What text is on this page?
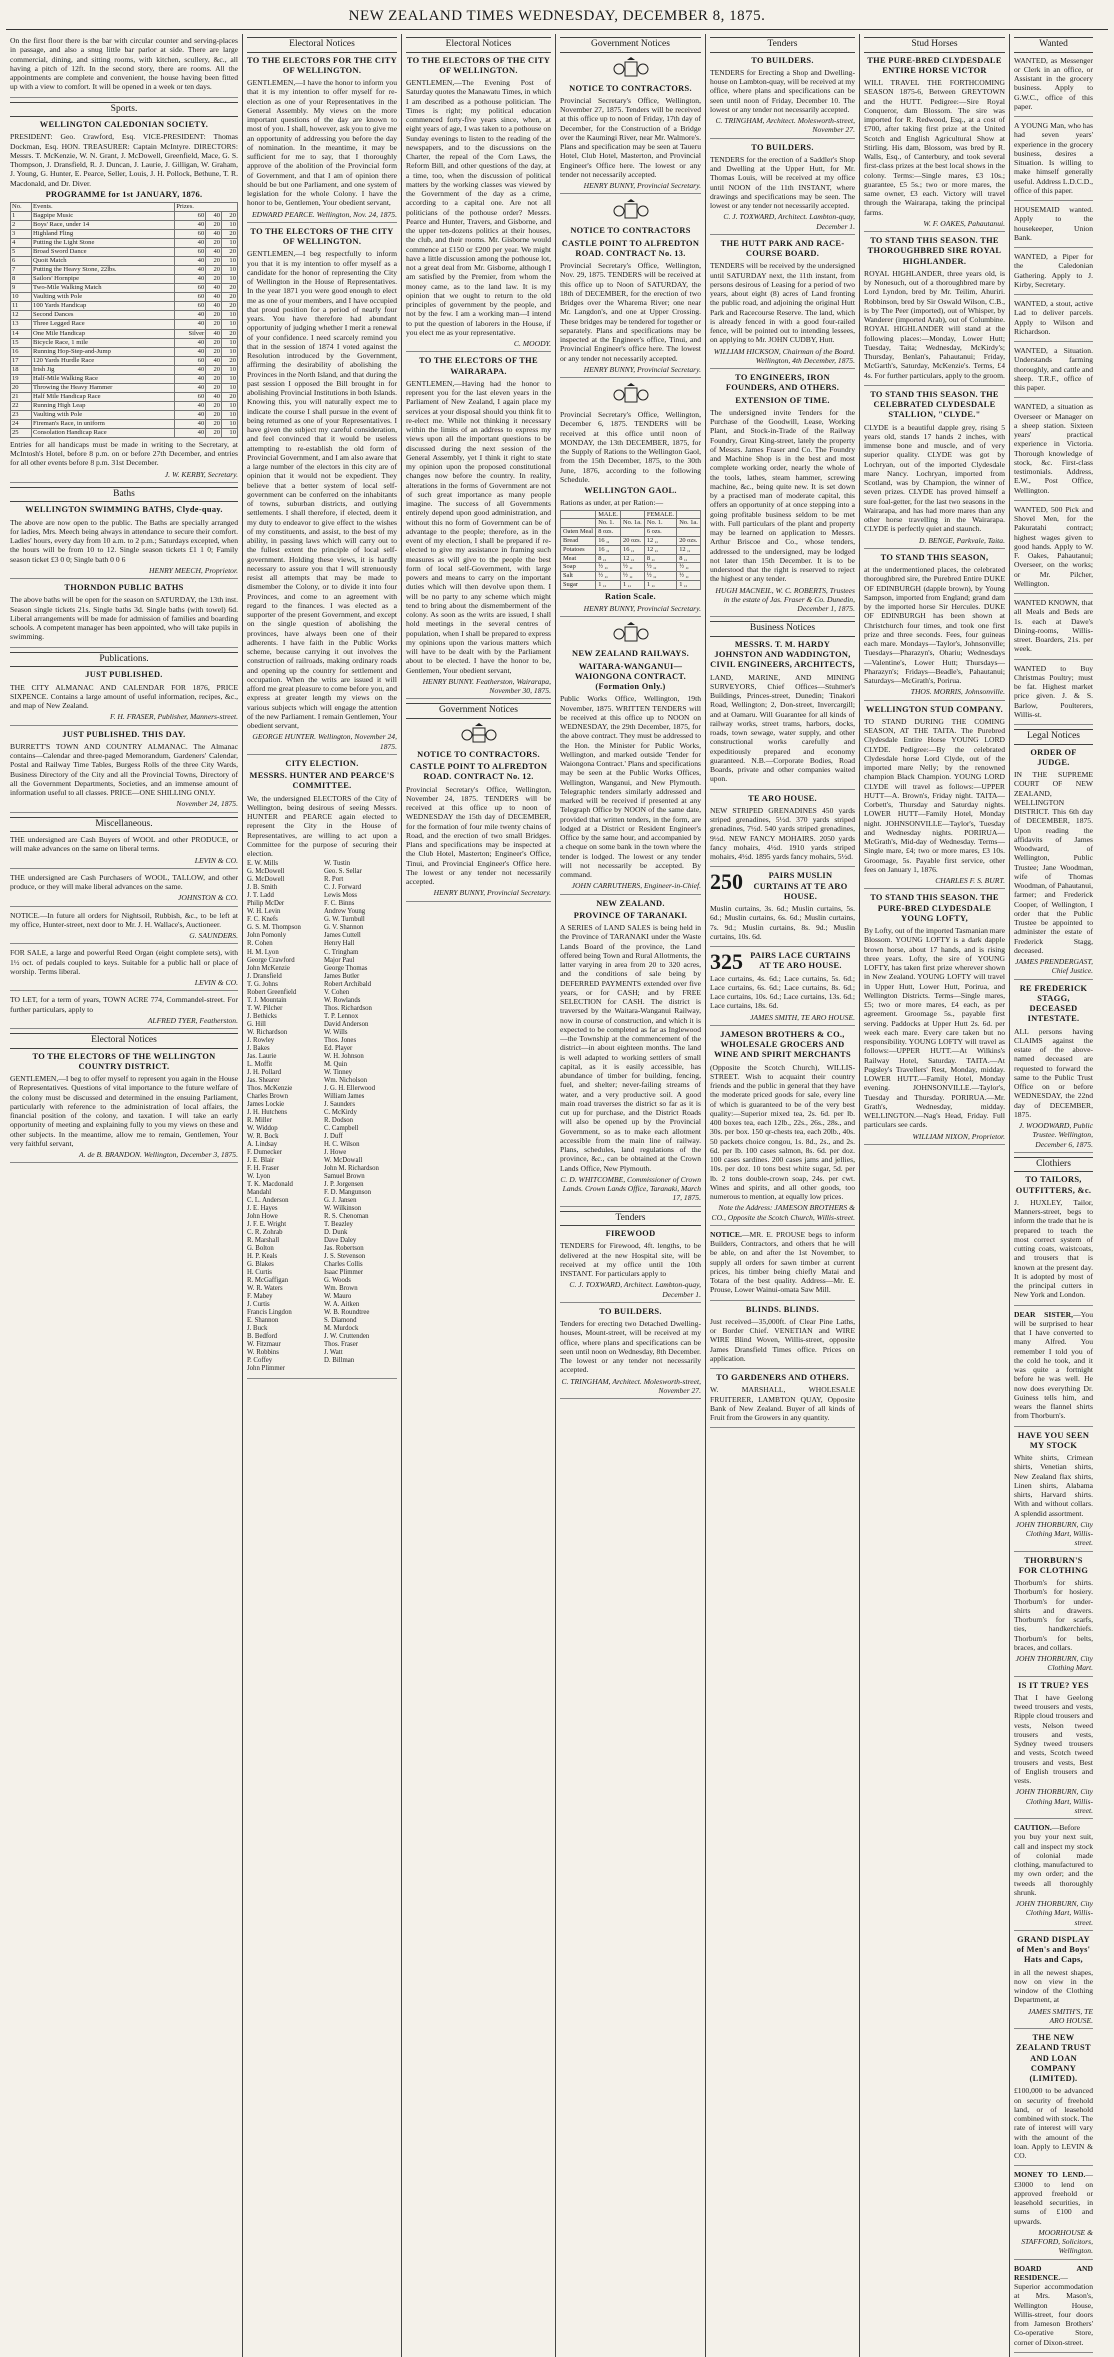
NEW ZEALAND TIMES WEDNESDAY, DECEMBER 8, 1875.

On the first floor there is the bar with circular counter and serving-places in passage, and also a snug little bar parlor at side. There are large commercial, dining, and sitting rooms, with kitchen, scullery, &c., all having a pitch of 12ft. In the second story, there are rooms. All the appointments are complete and convenient, the house having been fitted up with a view to comfort. It will be opened in a week or ten days.

Sports.
WELLINGTON CALEDONIAN SOCIETY.

PRESIDENT: Geo. Crawford, Esq. VICE-PRESIDENT: Thomas Dockman, Esq. HON. TREASURER: Captain McIntyre. DIRECTORS: Messrs. T. McKenzie, W. N. Grant, J. McDowell, Greenfield, Mace, G. S. Thompson, J. Dransfield, R. J. Duncan, J. Laurie, J. Gilligan, W. Graham, J. Young, G. Hunter, E. Pearce, Seller, Louis, J. H. Pollock, Bethune, T. R. Macdonald, and Dr. Diver.

PROGRAMME for 1st JANUARY, 1876.
No.	Events.	Prizes.		
1	Bagpipe Music	60	40	20
2	Boys' Race, under 14	40	20	10
3	Highland Fling	60	40	20
4	Putting the Light Stone	40	20	10
5	Broad Sword Dance	60	40	20
6	Quoit Match	40	20	10
7	Putting the Heavy Stone, 22lbs.	40	20	10
8	Sailors' Hornpipe	40	20	10
9	Two-Mile Walking Match	60	40	20
10	Vaulting with Pole	60	40	20
11	100 Yards Handicap	60	40	20
12	Second Dances	40	20	10
13	Three Legged Race	40	20	10
14	One Mile Handicap	Silver	40	20
15	Bicycle Race, 1 mile	40	20	10
16	Running Hop-Step-and-Jump	40	20	10
17	120 Yards Hurdle Race	60	40	20
18	Irish Jig	40	20	10
19	Half-Mile Walking Race	40	20	10
20	Throwing the Heavy Hammer	40	20	10
21	Half Mile Handicap Race	60	40	20
22	Running High Leap	40	20	10
23	Vaulting with Pole	40	20	10
24	Fireman's Race, in uniform	40	20	10
25	Consolation Handicap Race	40	20	10

Entries for all handicaps must be made in writing to the Secretary, at McIntosh's Hotel, before 8 p.m. on or before 27th December, and entries for all other events before 8 p.m. 31st December.

J. W. KERBY, Secretary.
Baths
WELLINGTON SWIMMING BATHS, Clyde-quay.

The above are now open to the public. The Baths are specially arranged for ladies, Mrs. Meech being always in attendance to secure their comfort. Ladies' hours, every day from 10 a.m. to 2 p.m.; Saturdays excepted, when the hours will be from 10 to 12. Single season tickets £1 1 0; Family season ticket £3 0 0; Single bath 0 0 6

HENRY MEECH, Proprietor.
THORNDON PUBLIC BATHS

The above baths will be open for the season on SATURDAY, the 13th inst. Season single tickets 21s. Single baths 3d. Single baths (with towel) 6d. Liberal arrangements will be made for admission of families and boarding schools. A competent manager has been appointed, who will take pupils in swimming.

Publications.
JUST PUBLISHED.

THE CITY ALMANAC AND CALENDAR FOR 1876, PRICE SIXPENCE. Contains a large amount of useful information, recipes, &c., and map of New Zealand.

F. H. FRASER, Publisher, Manners-street.
JUST PUBLISHED. THIS DAY.

BURRETT'S TOWN AND COUNTRY ALMANAC. The Almanac contains—Calendar and three-paged Memorandum, Gardeners' Calendar, Postal and Railway Time Tables, Burgess Rolls of the three City Wards, Business Directory of the City and all the Provincial Towns, Directory of all the Government Departments, Societies, and an immense amount of information useful to all classes. PRICE—ONE SHILLING ONLY.

November 24, 1875.
Miscellaneous.

THE undersigned are Cash Buyers of WOOL and other PRODUCE, or will make advances on the same on liberal terms.

LEVIN & CO.

THE undersigned are Cash Purchasers of WOOL, TALLOW, and other produce, or they will make liberal advances on the same.

JOHNSTON & CO.

NOTICE.—In future all orders for Nightsoil, Rubbish, &c., to be left at my office, Hunter-street, next door to Mr. J. H. Wallace's, Auctioneer.

G. SAUNDERS.

FOR SALE, a large and powerful Reed Organ (eight complete sets), with 1½ oct. of pedals coupled to keys. Suitable for a public hall or place of worship. Terms liberal.

LEVIN & CO.

TO LET, for a term of years, TOWN ACRE 774, Cornmandel-street. For further particulars, apply to

ALFRED TYER, Featherston.
Electoral Notices
TO THE ELECTORS OF THE WELLINGTON COUNTRY DISTRICT.

GENTLEMEN,—I beg to offer myself to represent you again in the House of Representatives. Questions of vital importance to the future welfare of the colony must be discussed and determined in the ensuing Parliament, particularly with reference to the administration of local affairs, the financial position of the colony, and taxation. I will take an early opportunity of meeting and explaining fully to you my views on these and other subjects. In the meantime, allow me to remain, Gentlemen, Your very faithful servant,

A. de B. BRANDON. Wellington, December 3, 1875.
Electoral Notices
TO THE ELECTORS FOR THE CITY OF WELLINGTON.

GENTLEMEN,—I have the honor to inform you that it is my intention to offer myself for re-election as one of your Representatives in the General Assembly. My views on the more important questions of the day are known to most of you. I shall, however, ask you to give me an opportunity of addressing you before the day of nomination. In the meantime, it may be sufficient for me to say, that I thoroughly approve of the abolition of the Provincial form of Government, and that I am of opinion there should be but one Parliament, and one system of legislation for the whole Colony. I have the honor to be, Gentlemen, Your obedient servant,

EDWARD PEARCE. Wellington, Nov. 24, 1875.
TO THE ELECTORS OF THE CITY OF WELLINGTON.

GENTLEMEN,—I beg respectfully to inform you that it is my intention to offer myself as a candidate for the honor of representing the City of Wellington in the House of Representatives. In the year 1871 you were good enough to elect me as one of your members, and I have occupied that proud position for a period of nearly four years. You have therefore had abundant opportunity of judging whether I merit a renewal of your confidence. I need scarcely remind you that in the session of 1874 I voted against the Resolution introduced by the Government, affirming the desirability of abolishing the Provinces in the North Island, and that during the past session I opposed the Bill brought in for abolishing Provincial Institutions in both Islands. Knowing this, you will naturally expect me to indicate the course I shall pursue in the event of being returned as one of your Representatives. I have given the subject my careful consideration, and feel convinced that it would be useless attempting to re-establish the old form of Provincial Government, and I am also aware that a large number of the electors in this city are of opinion that it would not be expedient. They believe that a better system of local self-government can be conferred on the inhabitants of towns, suburban districts, and outlying settlements. I shall therefore, if elected, deem it my duty to endeavor to give effect to the wishes of my constituents, and assist, to the best of my ability, in passing laws which will carry out to the fullest extent the principle of local self-government. Holding these views, it is hardly necessary to assure you that I will strenuously resist all attempts that may be made to dismember the Colony, or to divide it into four Provinces, and come to an agreement with regard to the finances. I was elected as a supporter of the present Government, and except on the single question of abolishing the provinces, have always been one of their adherents. I have faith in the Public Works scheme, because carrying it out involves the construction of railroads, making ordinary roads and opening up the country for settlement and occupation. When the writs are issued it will afford me great pleasure to come before you, and express at greater length my views on the various subjects which will engage the attention of the new Parliament. I remain Gentlemen, Your obedient servant,

GEORGE HUNTER. Wellington, November 24, 1875.
CITY ELECTION.
MESSRS. HUNTER AND PEARCE'S COMMITTEE.

We, the undersigned ELECTORS of the City of Wellington, being desirous of seeing Messrs. HUNTER and PEARCE again elected to represent the City in the House of Representatives, are willing to act upon a Committee for the purpose of securing their election.

E. W. Mills
G. McDowell
G. McDowell
J. B. Smith
J. T. Ladd
Philip McDer
W. H. Levin
F. C. Knefs
G. S. M. Thompson
John Pomonly
R. Cohen
H. M. Lyon
George Crawford
John McKenzie
J. Dransfield
T. G. Johns
Robert Greenfield
T. J. Mountain
T. W. Pilcher
J. Bethicks
G. Hill
W. Richardson
J. Rowley
J. Bakes
Jas. Laurie
L. Moffit
J. H. Pollard
Jas. Shearer
Thos. McKenzie
Charles Brown
James Lockie
J. H. Hutchens
R. Miller
W. Widdop
W. R. Bock
A. Lindsay
F. Dumecker
J. E. Blair
F. H. Fraser
W. Lyon
T. K. Macdonald
Mandahl
C. L. Anderson
J. E. Hayes
John Howe
J. F. E. Wright
C. R. Zohrab
R. Marshall
G. Bolton
H. P. Keals
G. Blakes
H. Curtis
R. McGaffigan
W. R. Waters
F. Mabey
J. Curtis
Francis Lingdon
E. Shannon
J. Buck
B. Bedford
W. Fitzmaur
W. Robbins
P. Coffey
John Plimmer
W. Tustin
Geo. S. Sellar
R. Port
C. J. Forward
Lewis Moss
F. C. Binns
Andrew Young
G. W. Turnbull
G. V. Shannon
James Cuttell
Henry Hall
C. Tringham
Major Paul
George Thomas
James Butler
Robert Archibald
V. Cohen
W. Rowlands
Thos. Richardson
T. P. Lennox
David Anderson
W. Wills
Thos. Jones
Ed. Player
W. H. Johnson
M. Quin
W. Tinney
Wm. Nicholson
J. G. H. Ellerwood
William James
J. Saunders
C. McKirdy
R. Dodson
C. Campbell
J. Duff
H. C. Wilson
J. Howe
W. McDowall
John M. Richardson
Samuel Brown
J. P. Jorgensen
F. D. Mangunson
G. J. Jansen
W. Wilkinson
R. S. Chenoman
T. Beazley
D. Dunk
Dave Daley
Jas. Robertson
J. S. Stevenson
Charles Collis
Isaac Plimmer
G. Woods
Wm. Brown
W. Mauro
W. A. Aitken
W. B. Roundtree
S. Diamond
M. Murdock
J. W. Cruttenden
Thos. Fraser
J. Watt
D. Billman
Electoral Notices
TO THE ELECTORS OF THE CITY OF WELLINGTON.

GENTLEMEN,—The Evening Post of Saturday quotes the Manawatu Times, in which I am described as a pothouse politician. The Times is right; my political education commenced forty-five years since, when, at eight years of age, I was taken to a pothouse on Sunday evenings to listen to the reading of the newspapers, and to the discussions on the Charter, the repeal of the Corn Laws, the Reform Bill, and other questions of the day, at a time, too, when the discussion of political matters by the working classes was viewed by the Government of the day as a crime, according to a capital one. Are not all politicians of the pothouse order? Messrs. Pearce and Hunter, Travers, and Gisborne, and the upper ten-dozens politics at their houses, the club, and their rooms. Mr. Gisborne would commence at £150 or £200 per year. We might have a little discussion among the pothouse lot, not a great deal from Mr. Gisborne, although I am satisfied by the Premier, from whom the money came, as to the land law. It is my opinion that we ought to return to the old principles of government by the people, and not by the few. I am a working man—I intend to put the question of laborers in the House, if you elect me as your representative.

C. MOODY.
TO THE ELECTORS OF THE WAIRARAPA.

GENTLEMEN,—Having had the honor to represent you for the last eleven years in the Parliament of New Zealand, I again place my services at your disposal should you think fit to re-elect me. While not thinking it necessary within the limits of an address to express my views upon all the important questions to be discussed during the next session of the General Assembly, yet I think it right to state my opinion upon the proposed constitutional changes now before the country. In reality, alterations in the forms of Government are not of such great importance as many people imagine. The success of all Governments entirely depend upon good administration, and without this no form of Government can be of advantage to the people; therefore, as in the event of my election, I shall be prepared if re-elected to give my assistance in framing such measures as will give to the people the best form of local self-Government, with large powers and means to carry on the important duties which will then devolve upon them. I will be no party to any scheme which might tend to bring about the dismemberment of the colony. As soon as the writs are issued, I shall hold meetings in the several centres of population, when I shall be prepared to express my opinions upon the various matters which will have to be dealt with by the Parliament about to be elected. I have the honor to be, Gentlemen, Your obedient servant,

HENRY BUNNY. Featherston, Wairarapa, November 30, 1875.
Government Notices
NOTICE TO CONTRACTORS.
CASTLE POINT TO ALFREDTON ROAD. CONTRACT No. 12.

Provincial Secretary's Office, Wellington, November 24, 1875. TENDERS will be received at this office up to noon of WEDNESDAY the 15th day of DECEMBER, for the formation of four mile twenty chains of Road, and the erection of two small Bridges. Plans and specifications may be inspected at the Club Hotel, Masterton; Engineer's Office, Tinui, and Provincial Engineer's Office here. The lowest or any tender not necessarily accepted.

HENRY BUNNY, Provincial Secretary.
Government Notices
NOTICE TO CONTRACTORS.

Provincial Secretary's Office, Wellington, November 27, 1875. Tenders will be received at this office up to noon of Friday, 17th day of December, for the Construction of a Bridge over the Kaumingi River, near Mr. Walmore's. Plans and specification may be seen at Taueru Hotel, Club Hotel, Masterton, and Provincial Engineer's Office here. The lowest or any tender not necessarily accepted.

HENRY BUNNY, Provincial Secretary.
NOTICE TO CONTRACTORS
CASTLE POINT TO ALFREDTON ROAD. CONTRACT No. 13.

Provincial Secretary's Office, Wellington, Nov. 29, 1875. TENDERS will be received at this office up to Noon of SATURDAY, the 18th of DECEMBER, for the erection of two Bridges over the Wharema River; one near Mr. Langdon's, and one at Upper Crossing. These bridges may be tendered for together or separately. Plans and specifications may be inspected at the Engineer's office, Tinui, and Provincial Engineer's office here. The lowest or any tender not necessarily accepted.

HENRY BUNNY, Provincial Secretary.

Provincial Secretary's Office, Wellington, December 6, 1875. TENDERS will be received at this office until noon of MONDAY, the 13th DECEMBER, 1875, for the Supply of Rations to the Wellington Gaol, from the 15th December, 1875, to the 30th June, 1876, according to the following Schedule.

WELLINGTON GAOL.

Rations as under, at per Ration:—

	MALE.		FEMALE.	
	No. 1.	No. 1a.	No. 1.	No. 1a.
Oaten Meal	8 ozs.		6 ozs.	
Bread	16 ,,	20 ozs.	12 ,,	20 ozs.
Potatoes	16 ,,	16 ,,	12 ,,	12 ,,
Meat	8 ,,	12 ,,	8 ,,	8 ,,
Soap	½ ,,	½ ,,	½ ,,	½ ,,
Salt	½ ,,	½ ,,	½ ,,	½ ,,
Sugar	1 ,,	1 ,,	1 ,,	1 ,,
Ration Scale.
HENRY BUNNY, Provincial Secretary.
NEW ZEALAND RAILWAYS.
WAITARA-WANGANUI—WAIONGONA CONTRACT. (Formation Only.)

Public Works Office, Wellington, 19th November, 1875. WRITTEN TENDERS will be received at this office up to NOON on WEDNESDAY, the 29th December, 1875, for the above contract. They must be addressed to the Hon. the Minister for Public Works, Wellington, and marked outside 'Tender for Waiongona Contract.' Plans and specifications may be seen at the Public Works Offices, Wellington, Wanganui, and New Plymouth. Telegraphic tenders similarly addressed and marked will be received if presented at any Telegraph Office by NOON of the same date, provided that written tenders, in the form, are lodged at a District or Resident Engineer's Office by the same hour, and accompanied by a cheque on some bank in the town where the tender is lodged. The lowest or any tender will not necessarily be accepted. By command.

JOHN CARRUTHERS, Engineer-in-Chief.
NEW ZEALAND.
PROVINCE OF TARANAKI.

A SERIES of LAND SALES is being held in the Province of TARANAKI under the Waste Lands Board of the province, the Land offered being Town and Rural Allotments, the latter varying in area from 20 to 320 acres, and the conditions of sale being by DEFERRED PAYMENTS extended over five years, or for CASH; and by FREE SELECTION for CASH. The district is traversed by the Waitara-Wanganui Railway, now in course of construction, and which it is expected to be completed as far as Inglewood—the Township at the commencement of the district—in about eighteen months. The land is well adapted to working settlers of small capital, as it is easily accessible, has abundance of timber for building, fencing, fuel, and shelter; never-failing streams of water, and a very productive soil. A good main road traverses the district so far as it is cut up for purchase, and the District Roads will also be opened up by the Provincial Government, so as to make each allotment accessible from the main line of railway. Plans, schedules, land regulations of the province, &c., can be obtained at the Crown Lands Office, New Plymouth.

C. D. WHITCOMBE, Commissioner of Crown Lands. Crown Lands Office, Taranaki, March 17, 1875.
Tenders
FIREWOOD

TENDERS for Firewood, 4ft. lengths, to be delivered at the new Hospital site, will be received at my office until the 10th INSTANT. For particulars apply to

C. J. TOXWARD, Architect. Lambton-quay, December 1.
TO BUILDERS.

Tenders for erecting two Detached Dwelling-houses, Mount-street, will be received at my office, where plans and specifications can be seen until noon on Wednesday, 8th December. The lowest or any tender not necessarily accepted.

C. TRINGHAM, Architect. Molesworth-street, November 27.
Tenders
TO BUILDERS.

TENDERS for Erecting a Shop and Dwelling-house on Lambton-quay, will be received at my office, where plans and specifications can be seen until noon of Friday, December 10. The lowest or any tender not necessarily accepted.

C. TRINGHAM, Architect. Molesworth-street, November 27.
TO BUILDERS.

TENDERS for the erection of a Saddler's Shop and Dwelling at the Upper Hutt, for Mr. Thomas Louis, will be received at my office until NOON of the 11th INSTANT, where drawings and specifications may be seen. The lowest or any tender not necessarily accepted.

C. J. TOXWARD, Architect. Lambton-quay, December 1.
THE HUTT PARK AND RACE-COURSE BOARD.

TENDERS will be received by the undersigned until SATURDAY next, the 11th instant, from persons desirous of Leasing for a period of two years, about eight (8) acres of Land fronting the public road, and adjoining the original Hutt Park and Racecourse Reserve. The land, which is already fenced in with a good four-railed fence, will be pointed out to intending lessees, on applying to Mr. JOHN CUDBY, Hutt.

WILLIAM HICKSON, Chairman of the Board. Wellington, 4th December, 1875.
TO ENGINEERS, IRON FOUNDERS, AND OTHERS.
EXTENSION OF TIME.

The undersigned invite Tenders for the Purchase of the Goodwill, Lease, Working Plant, and Stock-in-Trade of the Railway Foundry, Great King-street, lately the property of Messrs. James Fraser and Co. The Foundry and Machine Shop is in the best and most complete working order, nearly the whole of the tools, lathes, steam hammer, screwing machine, &c., being quite new. It is set down by a practised man of moderate capital, this offers an opportunity of at once stepping into a going profitable business seldom to be met with. Full particulars of the plant and property may be learned on application to Messrs. Arthur Briscoe and Co., whose tenders, addressed to the undersigned, may be lodged not later than 15th December. It is to be understood that the right is reserved to reject the highest or any tender.

HUGH MACNEIL, W. C. ROBERTS, Trustees in the estate of Jas. Fraser & Co. Dunedin, December 1, 1875.
Business Notices
MESSRS. T. M. HARDY JOHNSTON AND WADDINGTON, CIVIL ENGINEERS, ARCHITECTS,

LAND, MARINE, AND MINING SURVEYORS, Chief Offices—Stuhmer's Buildings, Princes-street, Dunedin; Tinakori Road, Wellington; 2, Don-street, Invercargill; and at Oamaru. Will Guarantee for all kinds of railway works, street trams, harbors, docks, roads, town sewage, water supply, and other constructional works carefully and expeditiously prepared and economy guaranteed. N.B.—Corporate Bodies, Road Boards, private and other companies waited upon.

TE ARO HOUSE.

NEW STRIPED GRENADINES 450 yards striped grenadines, 5½d. 370 yards striped grenadines, 7½d. 540 yards striped grenadines, 9½d. NEW FANCY MOHAIRS. 2050 yards fancy mohairs, 4½d. 1910 yards striped mohairs, 4½d. 1895 yards fancy mohairs, 5½d.

250	PAIRS MUSLIN CURTAINS AT TE ARO HOUSE.

Muslin curtains, 3s. 6d.; Muslin curtains, 5s. 6d.; Muslin curtains, 6s. 6d.; Muslin curtains, 7s. 9d.; Muslin curtains, 8s. 9d.; Muslin curtains, 10s. 6d.

325 PAIRS LACE CURTAINS AT TE ARO HOUSE.

Lace curtains, 4s. 6d.; Lace curtains, 5s. 6d.; Lace curtains, 6s. 6d.; Lace curtains, 8s. 6d.; Lace curtains, 10s. 6d.; Lace curtains, 13s. 6d.; Lace curtains, 18s. 6d.

JAMES SMITH, TE ARO HOUSE.
JAMESON BROTHERS & CO., WHOLESALE GROCERS AND WINE AND SPIRIT MERCHANTS

(Opposite the Scotch Church), WILLIS-STREET. Wish to acquaint their country friends and the public in general that they have the moderate priced goods for sale, every line of which is guaranteed to be of the very best quality:—Superior mixed tea, 2s. 6d. per lb. 400 boxes tea, each 12lb., 22s., 26s., 28s., and 30s. per box. 150 qr-chests tea, each 20lb., 40s. 50 packets choice congou, 1s. 8d., 2s., and 2s. 6d. per lb. 100 cases salmon, 8s. 6d. per doz. 100 cases sardines. 200 cases jams and jellies, 10s. per doz. 10 tons best white sugar, 5d. per lb. 2 tons double-crown soap, 24s. per cwt. Wines and spirits, and all other goods, too numerous to mention, at equally low prices.

Note the Address: JAMESON BROTHERS & CO., Opposite the Scotch Church, Willis-street.

NOTICE.—MR. E. PROUSE begs to inform Builders, Contractors, and others that he will be able, on and after the 1st November, to supply all orders for sawn timber at current prices, his timber being chiefly Matai and Totara of the best quality. Address—Mr. E. Prouse, Lower Wainui-omata Saw Mill.

BLINDS. BLINDS.

Just received—35,000ft. of Clear Pine Laths, or Border Chief. VENETIAN and WIRE WIRE Blind Woven, Willis-street, opposite James Dransfield Times office. Prices on application.

TO GARDENERS AND OTHERS.

W. MARSHALL, WHOLESALE FRUITERER, LAMBTON QUAY, Opposite Bank of New Zealand. Buyer of all kinds of Fruit from the Growers in any quantity.

Stud Horses
THE PURE-BRED CLYDESDALE ENTIRE HORSE VICTOR

WILL TRAVEL THE FORTHCOMING SEASON 1875-6, Between GREYTOWN and the HUTT. Pedigree:—Sire Royal Conqueror, dam Blossom. The sire was imported for R. Redwood, Esq., at a cost of £700, after taking first prize at the United Scotch and English Agricultural Show at Stirling. His dam, Blossom, was bred by R. Walls, Esq., of Canterbury, and took several first-class prizes at the best local shows in the colony. Terms:—Single mares, £3 10s.; guarantee, £5 5s.; two or more mares, the same owner, £3 each. Victory will travel through the Wairarapa, taking the principal farms.

W. F. OAKES, Pahautanui.
TO STAND THIS SEASON. THE THOROUGHBRED SIRE ROYAL HIGHLANDER.

ROYAL HIGHLANDER, three years old, is by Nonesuch, out of a thoroughbred mare by Lord Lyndon, bred by Mr. Teilim, Ahuriri. Robbinson, bred by Sir Oswald Wilson, C.B., is by The Peer (imported), out of Whisper, by Wanderer (imported Arab), out of Columbine. ROYAL HIGHLANDER will stand at the following places:—Monday, Lower Hutt; Tuesday, Taita; Wednesday, McKirdy's; Thursday, Benlan's, Pahautanui; Friday, McGarth's, Saturday, McKenzie's. Terms, £4 4s. For further particulars, apply to the groom.

TO STAND THIS SEASON. THE CELEBRATED CLYDESDALE STALLION, "CLYDE."

CLYDE is a beautiful dapple grey, rising 5 years old, stands 17 hands 2 inches, with immense bone and muscle, and of very superior quality. CLYDE was got by Lochryan, out of the imported Clydesdale mare Nancy. Lochryan, imported from Scotland, was by Champion, the winner of seven prizes. CLYDE has proved himself a sure foal-getter, for the last two seasons in the Wairarapa, and has had more mares than any other horse travelling in the Wairarapa. CLYDE is perfectly quiet and staunch.

D. BENGE, Parkvale, Taita.
TO STAND THIS SEASON,

at the undermentioned places, the celebrated thoroughbred sire, the Purebred Entire DUKE OF EDINBURGH (dapple brown), by Young Sampson, imported from England; grand dam by the imported horse Sir Hercules. DUKE OF EDINBURGH has been shown at Christchurch four times, and took one first prize and three seconds. Fees, four guineas each mare. Mondays—Taylor's, Johnsonville; Tuesdays—Pharazyn's, Ohariu; Wednesdays—Valentine's, Lower Hutt; Thursdays—Pharazyn's; Fridays—Beadle's, Pahautanui; Saturdays—McGrath's, Porirua.

THOS. MORRIS, Johnsonville.
WELLINGTON STUD COMPANY.

TO STAND DURING THE COMING SEASON, AT THE TAITA. The Purebred Clydesdale Entire Horse YOUNG LORD CLYDE. Pedigree:—By the celebrated Clydesdale horse Lord Clyde, out of the imported mare Nelly; by the renowned champion Black Champion. YOUNG LORD CLYDE will travel as follows:—UPPER HUTT—A. Brown's, Friday night. TAITA—Corbett's, Thursday and Saturday nights. LOWER HUTT—Family Hotel, Monday night. JOHNSONVILLE—Taylor's, Tuesday and Wednesday nights. PORIRUA—McGrath's, Mid-day of Wednesday. Terms—Single mare, £4; two or more mares, £3 10s. Groomage, 5s. Payable first service, other fees on January 1, 1876.

CHARLES F. S. BURT.
TO STAND THIS SEASON. THE PURE-BRED CLYDESDALE YOUNG LOFTY,

By Lofty, out of the imported Tasmanian mare Blossom. YOUNG LOFTY is a dark dapple brown horse, about 17 hands, and is rising three years. Lofty, the sire of YOUNG LOFTY, has taken first prize wherever shown in New Zealand. YOUNG LOFTY will travel in Upper Hutt, Lower Hutt, Porirua, and Wellington Districts. Terms—Single mares, £5; two or more mares, £4 each, as per agreement. Groomage 5s., payable first serving. Paddocks at Upper Hutt 2s. 6d. per week each mare. Every care taken but no responsibility. YOUNG LOFTY will travel as follows:—UPPER HUTT.—At Wilkins's Railway Hotel, Saturday. TAITA.—At Pugsley's Travellers' Rest, Monday, midday. LOWER HUTT.—Family Hotel, Monday evening. JOHNSONVILLE.—Taylor's, Tuesday and Thursday. PORIRUA.—Mr. Grath's, Wednesday, midday. WELLINGTON.—Nag's Head, Friday. Full particulars see cards.

WILLIAM NIXON, Proprietor.
Wanted

WANTED, as Messenger or Clerk in an office, or Assistant in the grocery business. Apply to G.W.C., office of this paper.

A YOUNG Man, who has had seven years' experience in the grocery business, desires a Situation. Is willing to make himself generally useful. Address L.D.C.D., office of this paper.

HOUSEMAID wanted. Apply to the housekeeper, Union Bank.

WANTED, a Piper for the Caledonian Gathering. Apply to J. Kirby, Secretary.

WANTED, a stout, active Lad to deliver parcels. Apply to Wilson and Richardson.

WANTED, a Situation. Understands farming thoroughly, and cattle and sheep. T.R.F., office of this paper.

WANTED, a situation as Overseer or Manager on a sheep station. Sixteen years' practical experience in Victoria. Thorough knowledge of stock, &c. First-class testimonials. Address, E.W., Post Office, Wellington.

WANTED, 500 Pick and Shovel Men, for the Pakuratahi contract; highest wages given to good hands. Apply to W. F. Oakes, Pahautanui; Overseer, on the works; or Mr. Pilcher, Wellington.

WANTED KNOWN, that all Meals and Beds are 1s. each at Dawe's Dining-rooms, Willis-street. Boarders, 21s. per week.

WANTED to Buy Christmas Poultry; must be fat. Highest market price given. J. & S. Barlow, Poulterers, Willis-st.

Legal Notices
ORDER OF JUDGE.

IN THE SUPREME COURT OF NEW ZEALAND, WELLINGTON DISTRICT. This 6th day of DECEMBER, 1875. Upon reading the affidavits of James Woodward, of Wellington, Public Trustee; Jane Woodman, wife of Thomas Woodman, of Pahautanui, farmer; and Frederick Cooper, of Wellington, I order that the Public Trustee be appointed to administer the estate of Frederick Stagg, deceased.

JAMES PRENDERGAST, Chief Justice.
RE FREDERICK STAGG, DECEASED INTESTATE.

ALL persons having CLAIMS against the estate of the above-named deceased are requested to forward the same to the Public Trust Office on or before WEDNESDAY, the 22nd day of DECEMBER, 1875.

J. WOODWARD, Public Trustee. Wellington, December 6, 1875.
Clothiers
TO TAILORS, OUTFITTERS, &c.

J. HUXLEY, Tailor, Manners-street, begs to inform the trade that he is prepared to teach the most correct system of cutting coats, waistcoats, and trousers that is known at the present day. It is adopted by most of the principal cutters in New York and London.

DEAR SISTER,—You will be surprised to hear that I have converted to many Alfred. You remember I told you of the cold he took, and it was quite a fortnight before he was well. He now does everything Dr. Guiness tells him, and wears the flannel shirts from Thorburn's.

HAVE YOU SEEN MY STOCK

White shirts, Crimean shirts, Venetian shirts, New Zealand flax shirts, Linen shirts, Alabama shirts, Harvard shirts. With and without collars. A splendid assortment.

JOHN THORBURN, City Clothing Mart, Willis-street.
THORBURN'S FOR CLOTHING

Thorburn's for shirts. Thorburn's for hosiery. Thorburn's for under-shirts and drawers. Thorburn's for scarfs, ties, handkerchiefs. Thorburn's for belts, braces, and collars.

JOHN THORBURN, City Clothing Mart.
IS IT TRUE? YES

That I have Geelong tweed trousers and vests, Ripple cloud trousers and vests, Nelson tweed trousers and vests, Sydney tweed trousers and vests, Scotch tweed trousers and vests, Best of English trousers and vests.

JOHN THORBURN, City Clothing Mart, Willis-street.

CAUTION.—Before you buy your next suit, call and inspect my stock of colonial made clothing, manufactured to my own order; and the tweeds all thoroughly shrunk.

JOHN THORBURN, City Clothing Mart, Willis-street.
GRAND DISPLAY of Men's and Boys' Hats and Caps,

in all the newest shapes, now on view in the window of the Clothing Department, at

JAMES SMITH'S, TE ARO HOUSE.
THE NEW ZEALAND TRUST AND LOAN COMPANY (LIMITED).

£100,000 to be advanced on security of freehold land, or of leasehold combined with stock. The rate of interest will vary with the amount of the loan. Apply to LEVIN & CO.

MONEY TO LEND.—£3000 to lend on approved freehold or leasehold securities, in sums of £100 and upwards.

MOORHOUSE & STAFFORD, Solicitors, Wellington.

BOARD AND RESIDENCE.—Superior accommodation at Mrs. Mason's, Wellington House, Willis-street, four doors from Jameson Brothers' Co-operative Store, corner of Dixon-street.
